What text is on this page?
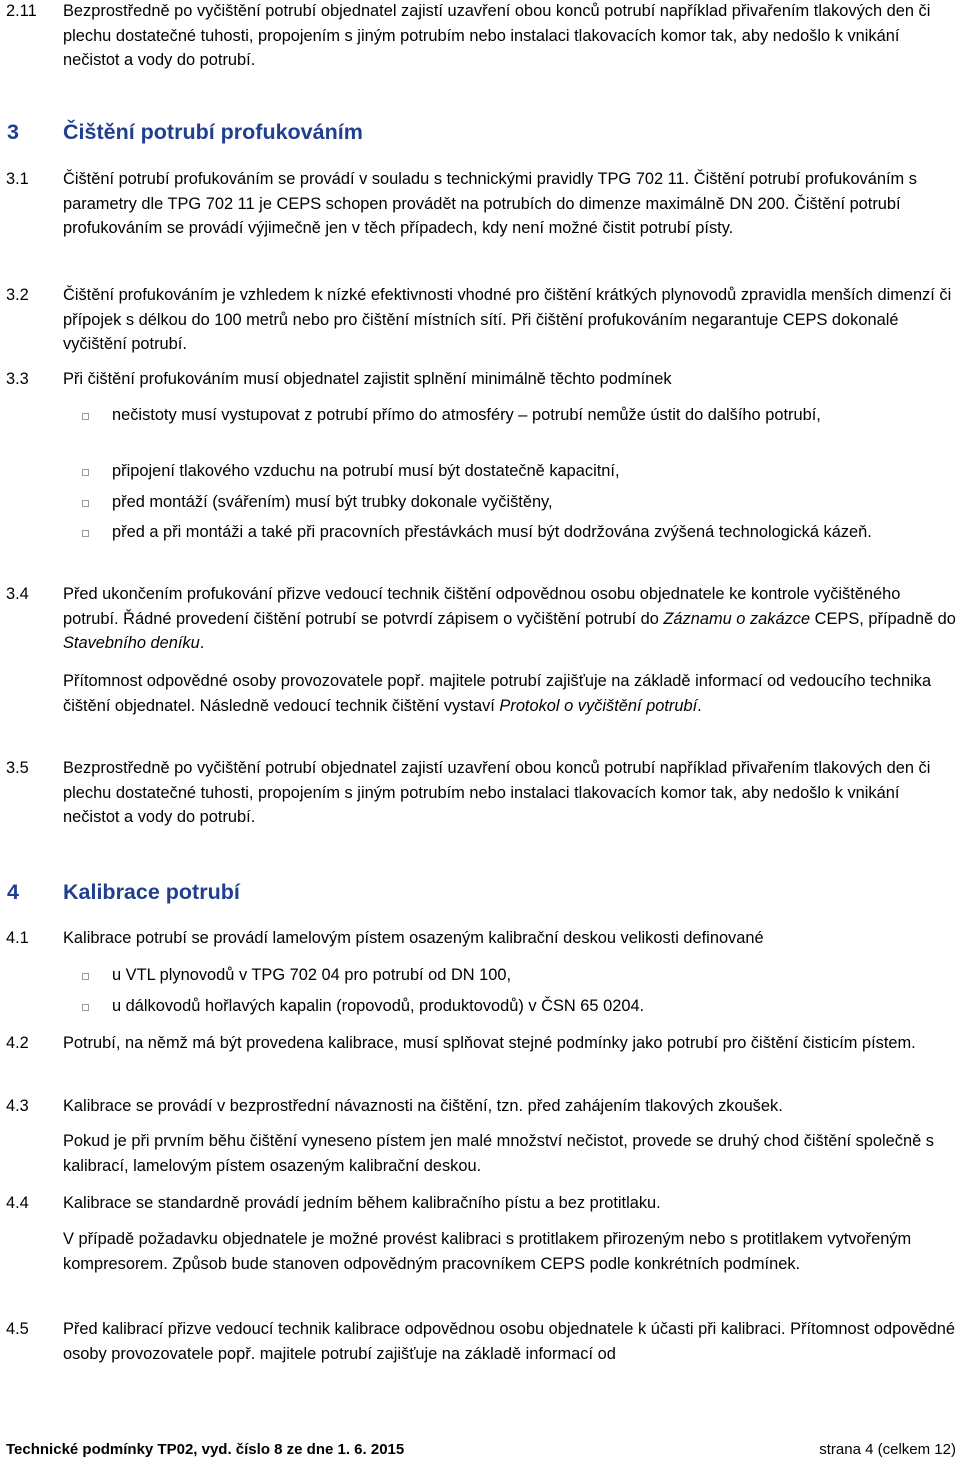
2.11 Bezprostředně po vyčištění potrubí objednatel zajistí uzavření obou konců potrubí například přivařením tlakových den či plechu dostatečné tuhosti, propojením s jiným potrubím nebo instalaci tlakovacích komor tak, aby nedošlo k vnikání nečistot a vody do potrubí.
3 Čištění potrubí profukováním
3.1 Čištění potrubí profukováním se provádí v souladu s technickými pravidly TPG 702 11. Čištění potrubí profukováním s parametry dle TPG 702 11 je CEPS schopen provádět na potrubích do dimenze maximálně DN 200. Čištění potrubí profukováním se provádí výjimečně jen v těch případech, kdy není možné čistit potrubí písty.
3.2 Čištění profukováním je vzhledem k nízké efektivnosti vhodné pro čištění krátkých plynovodů zpravidla menších dimenzí či přípojek s délkou do 100 metrů nebo pro čištění místních sítí. Při čištění profukováním negarantuje CEPS dokonalé vyčištění potrubí.
3.3 Při čištění profukováním musí objednatel zajistit splnění minimálně těchto podmínek
nečistoty musí vystupovat z potrubí přímo do atmosféry – potrubí nemůže ústit do dalšího potrubí,
připojení tlakového vzduchu na potrubí musí být dostatečně kapacitní,
před montáží (svářením) musí být trubky dokonale vyčištěny,
před a při montáži a také při pracovních přestávkách musí být dodržována zvýšená technologická kázeň.
3.4 Před ukončením profukování přizve vedoucí technik čištění odpovědnou osobu objednatele ke kontrole vyčištěného potrubí. Řádné provedení čištění potrubí se potvrdí zápisem o vyčištění potrubí do Záznamu o zakázce CEPS, případně do Stavebního deníku.
Přítomnost odpovědné osoby provozovatele popř. majitele potrubí zajišťuje na základě informací od vedoucího technika čištění objednatel. Následně vedoucí technik čištění vystaví Protokol o vyčištění potrubí.
3.5 Bezprostředně po vyčištění potrubí objednatel zajistí uzavření obou konců potrubí například přivařením tlakových den či plechu dostatečné tuhosti, propojením s jiným potrubím nebo instalaci tlakovacích komor tak, aby nedošlo k vnikání nečistot a vody do potrubí.
4 Kalibrace potrubí
4.1 Kalibrace potrubí se provádí lamelovým pístem osazeným kalibrační deskou velikosti definované
u VTL plynovodů v TPG 702 04 pro potrubí od DN 100,
u dálkovodů hořlavých kapalin (ropovodů, produktovodů) v ČSN 65 0204.
4.2 Potrubí, na němž má být provedena kalibrace, musí splňovat stejné podmínky jako potrubí pro čištění čisticím pístem.
4.3 Kalibrace se provádí v bezprostřední návaznosti na čištění, tzn. před zahájením tlakových zkoušek.
Pokud je při prvním běhu čištění vyneseno pístem jen malé množství nečistot, provede se druhý chod čištění společně s kalibrací, lamelovým pístem osazeným kalibrační deskou.
4.4 Kalibrace se standardně provádí jedním během kalibračního pístu a bez protitlaku.
V případě požadavku objednatele je možné provést kalibraci s protitlakem přirozeným nebo s protitlakem vytvořeným kompresorem. Způsob bude stanoven odpovědným pracovníkem CEPS podle konkrétních podmínek.
4.5 Před kalibrací přizve vedoucí technik kalibrace odpovědnou osobu objednatele k účasti při kalibraci. Přítomnost odpovědné osoby provozovatele popř. majitele potrubí zajišťuje na základě informací od
Technické podmínky TP02, vyd. číslo 8 ze dne 1. 6. 2015	strana 4 (celkem 12)
